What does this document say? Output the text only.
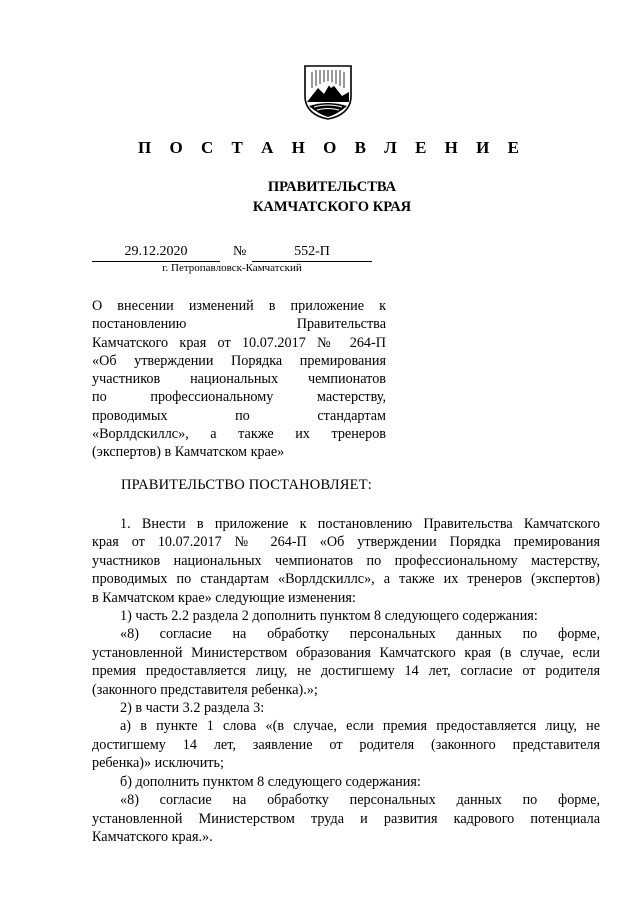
П О С Т А Н О В Л Е Н И Е
ПРАВИТЕЛЬСТВА
КАМЧАТСКОГО КРАЯ
29.12.2020	№	552-П
г. Петропавловск-Камчатский
О внесении изменений в приложение к
постановлению Правительства
Камчатского края от 10.07.2017 № 264-П
«Об утверждении Порядка премирования
участников национальных чемпионатов
по профессиональному мастерству,
проводимых по стандартам
«Ворлдскиллс», а также их тренеров
(экспертов) в Камчатском крае»
ПРАВИТЕЛЬСТВО ПОСТАНОВЛЯЕТ:
1. Внести в приложение к постановлению Правительства Камчатского
края от 10.07.2017 № 264-П «Об утверждении Порядка премирования
участников национальных чемпионатов по профессиональному мастерству,
проводимых по стандартам «Ворлдскиллс», а также их тренеров (экспертов)
в Камчатском крае» следующие изменения:
1) часть 2.2 раздела 2 дополнить пунктом 8 следующего содержания:
«8) согласие на обработку персональных данных по форме,
установленной Министерством образования Камчатского края (в случае, если
премия предоставляется лицу, не достигшему 14 лет, согласие от родителя
(законного представителя ребенка).»;
2) в части 3.2 раздела 3:
а) в пункте 1 слова «(в случае, если премия предоставляется лицу, не
достигшему 14 лет, заявление от родителя (законного представителя
ребенка)» исключить;
б) дополнить пунктом 8 следующего содержания:
«8) согласие на обработку персональных данных по форме,
установленной Министерством труда и развития кадрового потенциала
Камчатского края.».
